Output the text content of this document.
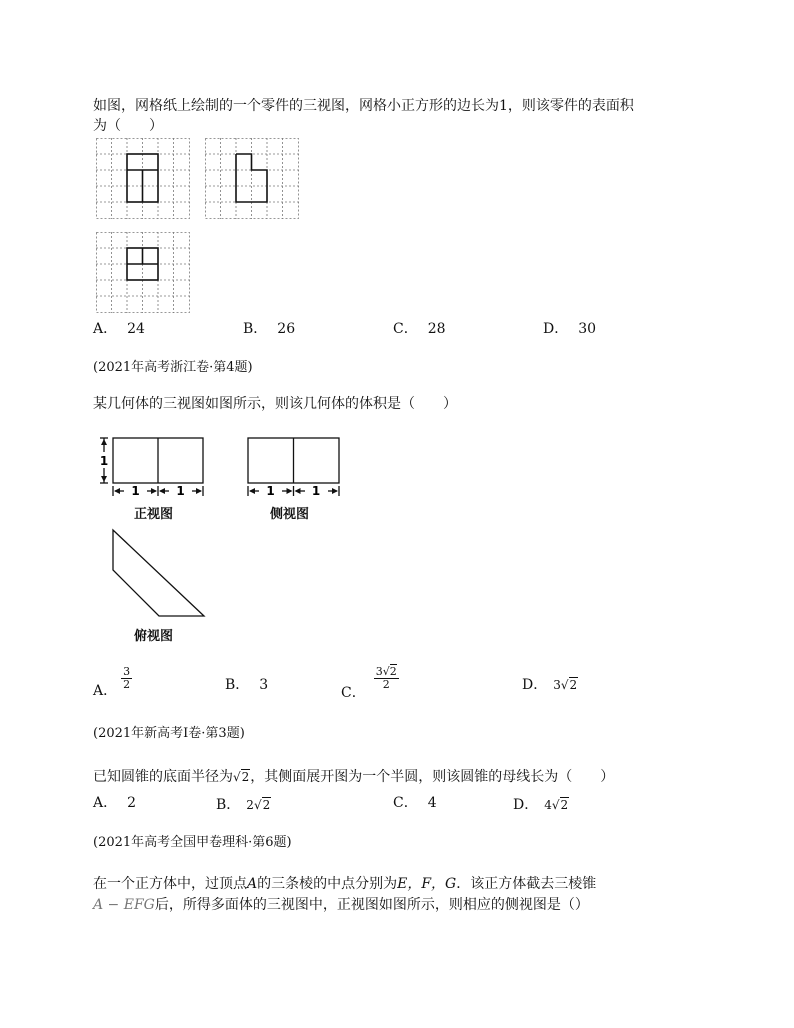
如图，网格纸上绘制的一个零件的三视图，网格小正方形的边长为1，则该零件的表面积
为（　　）
A． 24	B． 26	C． 28	D． 30
(2021年高考浙江卷·第4题)
某几何体的三视图如图所示，则该几何体的体积是（　　）
1
1	1
正视图
1	1
侧视图
俯视图
A． $\frac{3}{2}$	B． 3	C．
$\frac{3√2}{2}$	D． 3√2
(2021年新高考Ⅰ卷·第3题)
已知圆锥的底面半径为√2，其侧面展开图为一个半圆，则该圆锥的母线长为（　　）
A． 2	B． 2√2	C． 4	D． 4√2
(2021年高考全国甲卷理科·第6题)
在一个正方体中，过顶点A的三条棱的中点分别为E，F，G．该正方体截去三棱锥
A − EFG后，所得多面体的三视图中，正视图如图所示，则相应的侧视图是（）
